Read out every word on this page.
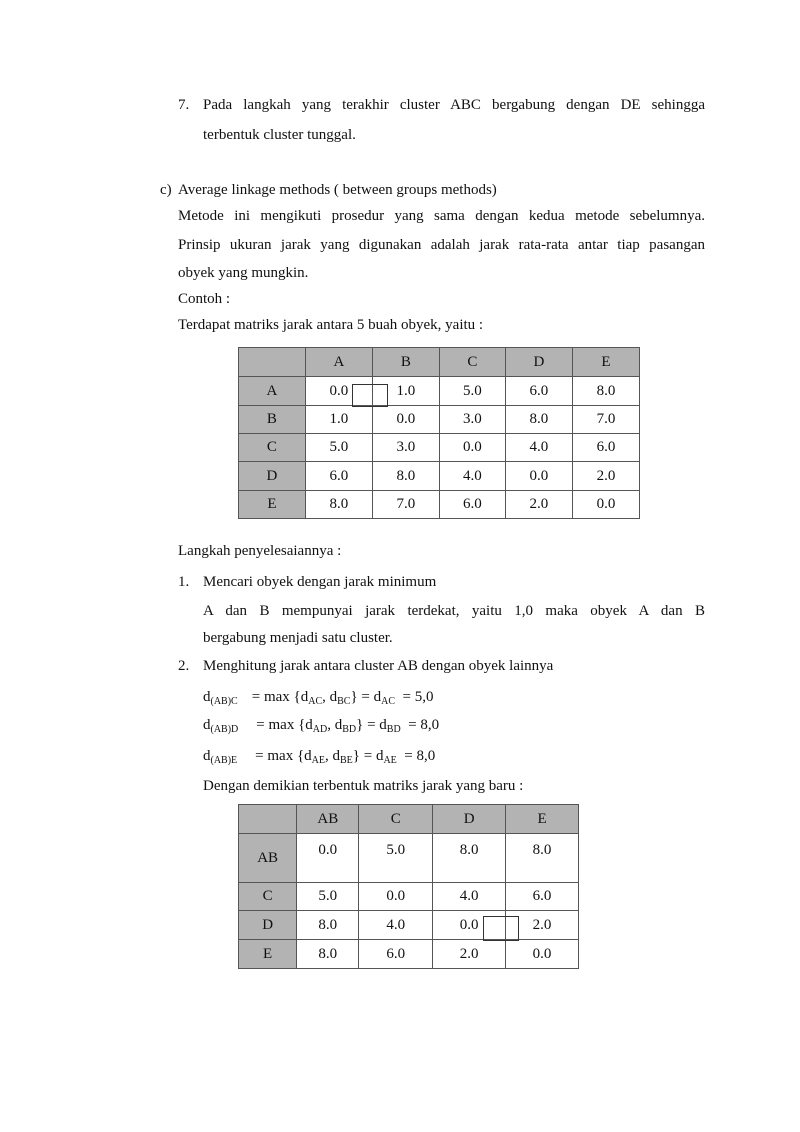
7. Pada langkah yang terakhir cluster ABC bergabung dengan DE sehingga
terbentuk cluster tunggal.
c) Average linkage methods ( between groups methods)
Metode ini mengikuti prosedur yang sama dengan kedua metode sebelumnya.
Prinsip ukuran jarak yang digunakan adalah jarak rata-rata antar tiap pasangan
obyek yang mungkin.
Contoh :
Terdapat matriks jarak antara 5 buah obyek, yaitu :
	A	B	C	D	E
A	0.0	1.0	5.0	6.0	8.0
B	1.0	0.0	3.0	8.0	7.0
C	5.0	3.0	0.0	4.0	6.0
D	6.0	8.0	4.0	0.0	2.0
E	8.0	7.0	6.0	2.0	0.0
Langkah penyelesaiannya :
1. Mencari obyek dengan jarak minimum
A dan B mempunyai jarak terdekat, yaitu 1,0 maka obyek A dan B
bergabung menjadi satu cluster.
2. Menghitung jarak antara cluster AB dengan obyek lainnya
$d_{(AB)C} = \max \{d_{AC}$, $d_{BC}\} = d_{AC} = 5,0$
$d_{(AB)D} = \max \{d_{AD}$, $d_{BD}\} = d_{BD} = 8,0$
$d_{(AB)E} = \max \{d_{AE}$, $d_{BE}\} = d_{AE} = 8,0$
Dengan demikian terbentuk matriks jarak yang baru :
	AB	C	D	E
AB	0.0	5.0	8.0	8.0
C	5.0	0.0	4.0	6.0
D	8.0	4.0	0.0	2.0
E	8.0	6.0	2.0	0.0
